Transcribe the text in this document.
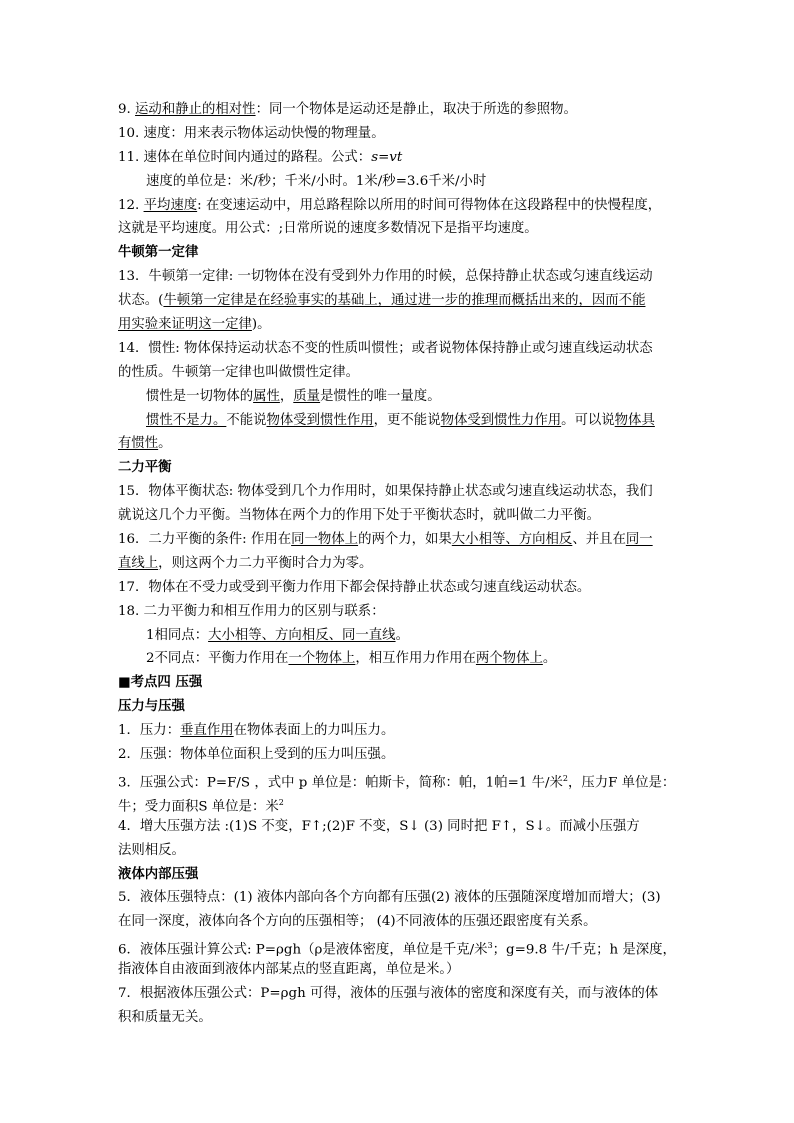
9. 运动和静止的相对性：同一个物体是运动还是静止，取决于所选的参照物。
10. 速度：用来表示物体运动快慢的物理量。
11. 速体在单位时间内通过的路程。公式：s=vt
速度的单位是：米/秒；千米/小时。1米/秒=3.6千米/小时
12. 平均速度: 在变速运动中，用总路程除以所用的时间可得物体在这段路程中的快慢程度，
这就是平均速度。用公式：;日常所说的速度多数情况下是指平均速度。
牛顿第一定律
13．牛顿第一定律: 一切物体在没有受到外力作用的时候，总保持静止状态或匀速直线运动
状态。(牛顿第一定律是在经验事实的基础上，通过进一步的推理而概括出来的，因而不能
用实验来证明这一定律)。
14．惯性: 物体保持运动状态不变的性质叫惯性；或者说物体保持静止或匀速直线运动状态
的性质。牛顿第一定律也叫做惯性定律。
惯性是一切物体的属性，质量是惯性的唯一量度。
惯性不是力。不能说物体受到惯性作用，更不能说物体受到惯性力作用。可以说物体具
有惯性。
二力平衡
15．物体平衡状态: 物体受到几个力作用时，如果保持静止状态或匀速直线运动状态，我们
就说这几个力平衡。当物体在两个力的作用下处于平衡状态时，就叫做二力平衡。
16．二力平衡的条件: 作用在同一物体上的两个力，如果大小相等、方向相反、并且在同一
直线上，则这两个力二力平衡时合力为零。
17．物体在不受力或受到平衡力作用下都会保持静止状态或匀速直线运动状态。
18. 二力平衡力和相互作用力的区别与联系：
1相同点：大小相等、方向相反、同一直线。
2不同点：平衡力作用在一个物体上，相互作用力作用在两个物体上。
■考点四 压强
压力与压强
1．压力：垂直作用在物体表面上的力叫压力。
2．压强：物体单位面积上受到的压力叫压强。
3．压强公式：P=F/S ，式中 p 单位是：帕斯卡，简称：帕，1帕=1 牛/米$^2$，压力F 单位是：
牛；受力面积S 单位是：米$^2$
4．增大压强方法 :(1)S 不变，F↑;(2)F 不变，S↓ (3) 同时把 F↑，S↓。而减小压强方
法则相反。
液体内部压强
5．液体压强特点：(1) 液体内部向各个方向都有压强(2) 液体的压强随深度增加而增大；(3)
在同一深度，液体向各个方向的压强相等； (4)不同液体的压强还跟密度有关系。
6．液体压强计算公式: P=ρgh（ρ是液体密度，单位是千克/米$^3$；g=9.8 牛/千克；h 是深度，
指液体自由液面到液体内部某点的竖直距离，单位是米。）
7．根据液体压强公式：P=ρgh 可得，液体的压强与液体的密度和深度有关，而与液体的体
积和质量无关。
